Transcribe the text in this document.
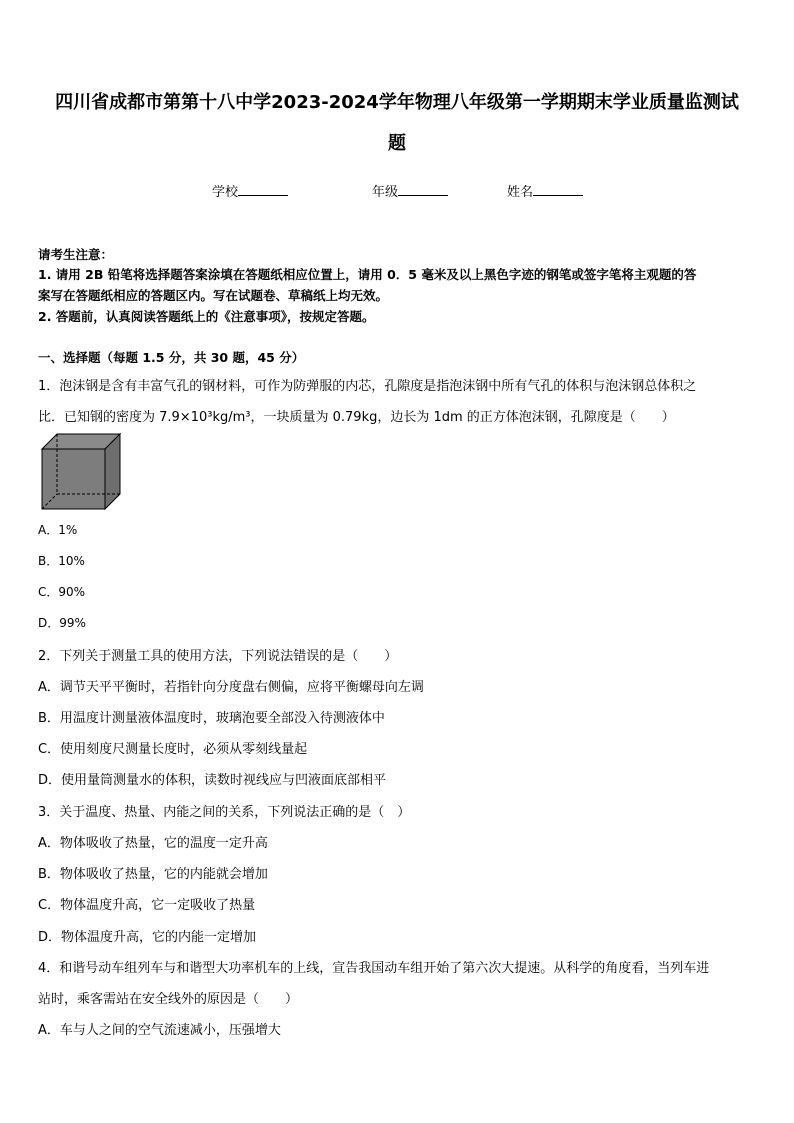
四川省成都市第第十八中学2023-2024学年物理八年级第一学期期末学业质量监测试
题
学校	年级	姓名
请考生注意：
1. 请用 2B 铅笔将选择题答案涂填在答题纸相应位置上，请用 0．5 毫米及以上黑色字迹的钢笔或签字笔将主观题的答
案写在答题纸相应的答题区内。写在试题卷、草稿纸上均无效。
2. 答题前，认真阅读答题纸上的《注意事项》，按规定答题。
一、选择题（每题 1.5 分，共 30 题，45 分）
1．泡沫钢是含有丰富气孔的钢材料，可作为防弹服的内芯，孔隙度是指泡沫钢中所有气孔的体积与泡沫钢总体积之
比．已知钢的密度为 7.9×10³kg/m³，一块质量为 0.79kg，边长为 1dm 的正方体泡沫钢，孔隙度是（　　）
A．1%
B．10%
C．90%
D．99%
2．下列关于测量工具的使用方法，下列说法错误的是（　　）
A．调节天平平衡时，若指针向分度盘右侧偏，应将平衡螺母向左调
B．用温度计测量液体温度时，玻璃泡要全部没入待测液体中
C．使用刻度尺测量长度时，必须从零刻线量起
D．使用量筒测量水的体积，读数时视线应与凹液面底部相平
3．关于温度、热量、内能之间的关系，下列说法正确的是（　）
A．物体吸收了热量，它的温度一定升高
B．物体吸收了热量，它的内能就会增加
C．物体温度升高，它一定吸收了热量
D．物体温度升高，它的内能一定增加
4．和谐号动车组列车与和谐型大功率机车的上线，宣告我国动车组开始了第六次大提速。从科学的角度看，当列车进
站时，乘客需站在安全线外的原因是（　　）
A．车与人之间的空气流速减小，压强增大
